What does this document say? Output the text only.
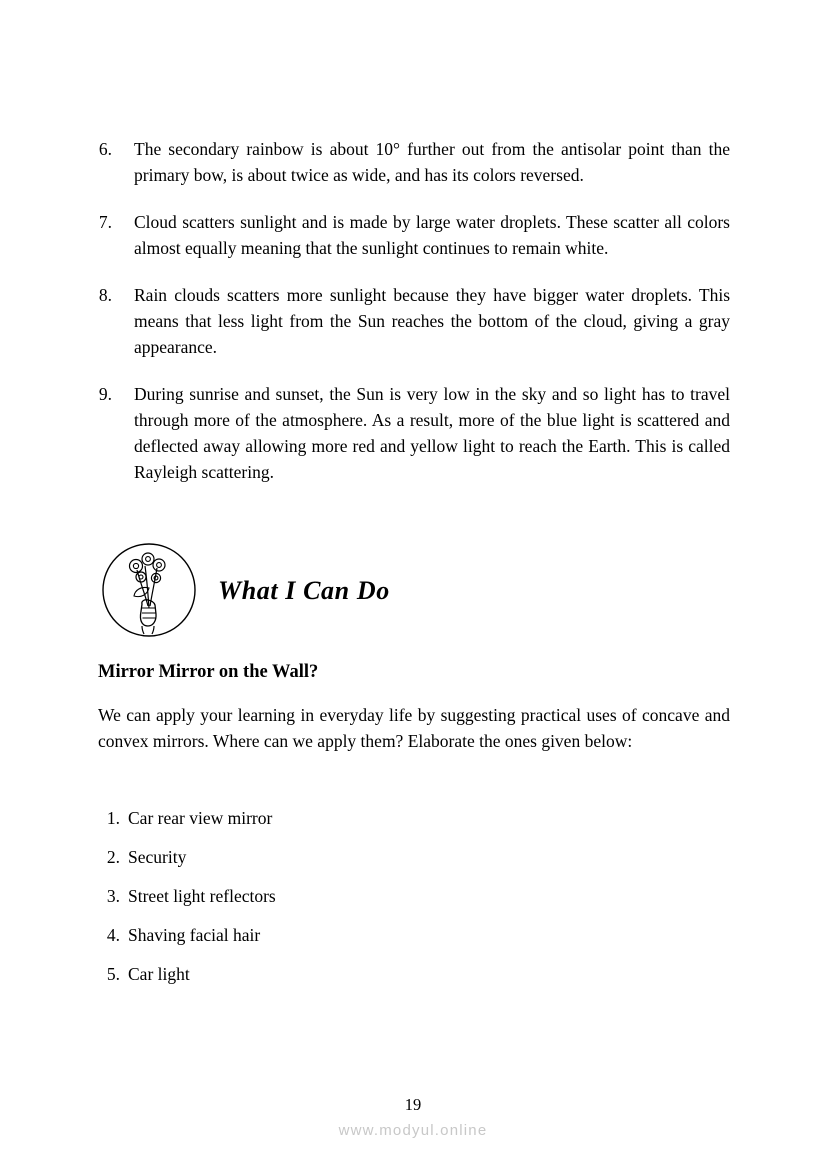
6.	The secondary rainbow is about 10° further out from the antisolar point than the primary bow, is about twice as wide, and has its colors reversed.
7.	Cloud scatters sunlight and is made by large water droplets. These scatter all colors almost equally meaning that the sunlight continues to remain white.
8.	Rain clouds scatters more sunlight because they have bigger water droplets. This means that less light from the Sun reaches the bottom of the cloud, giving a gray appearance.
9.	During sunrise and sunset, the Sun is very low in the sky and so light has to travel through more of the atmosphere. As a result, more of the blue light is scattered and deflected away allowing more red and yellow light to reach the Earth. This is called Rayleigh scattering.
What I Can Do
Mirror Mirror on the Wall?
We can apply your learning in everyday life by suggesting practical uses of concave and convex mirrors. Where can we apply them? Elaborate the ones given below:
1. Car rear view mirror
2. Security
3. Street light reflectors
4. Shaving facial hair
5. Car light
19
www.modyul.online
